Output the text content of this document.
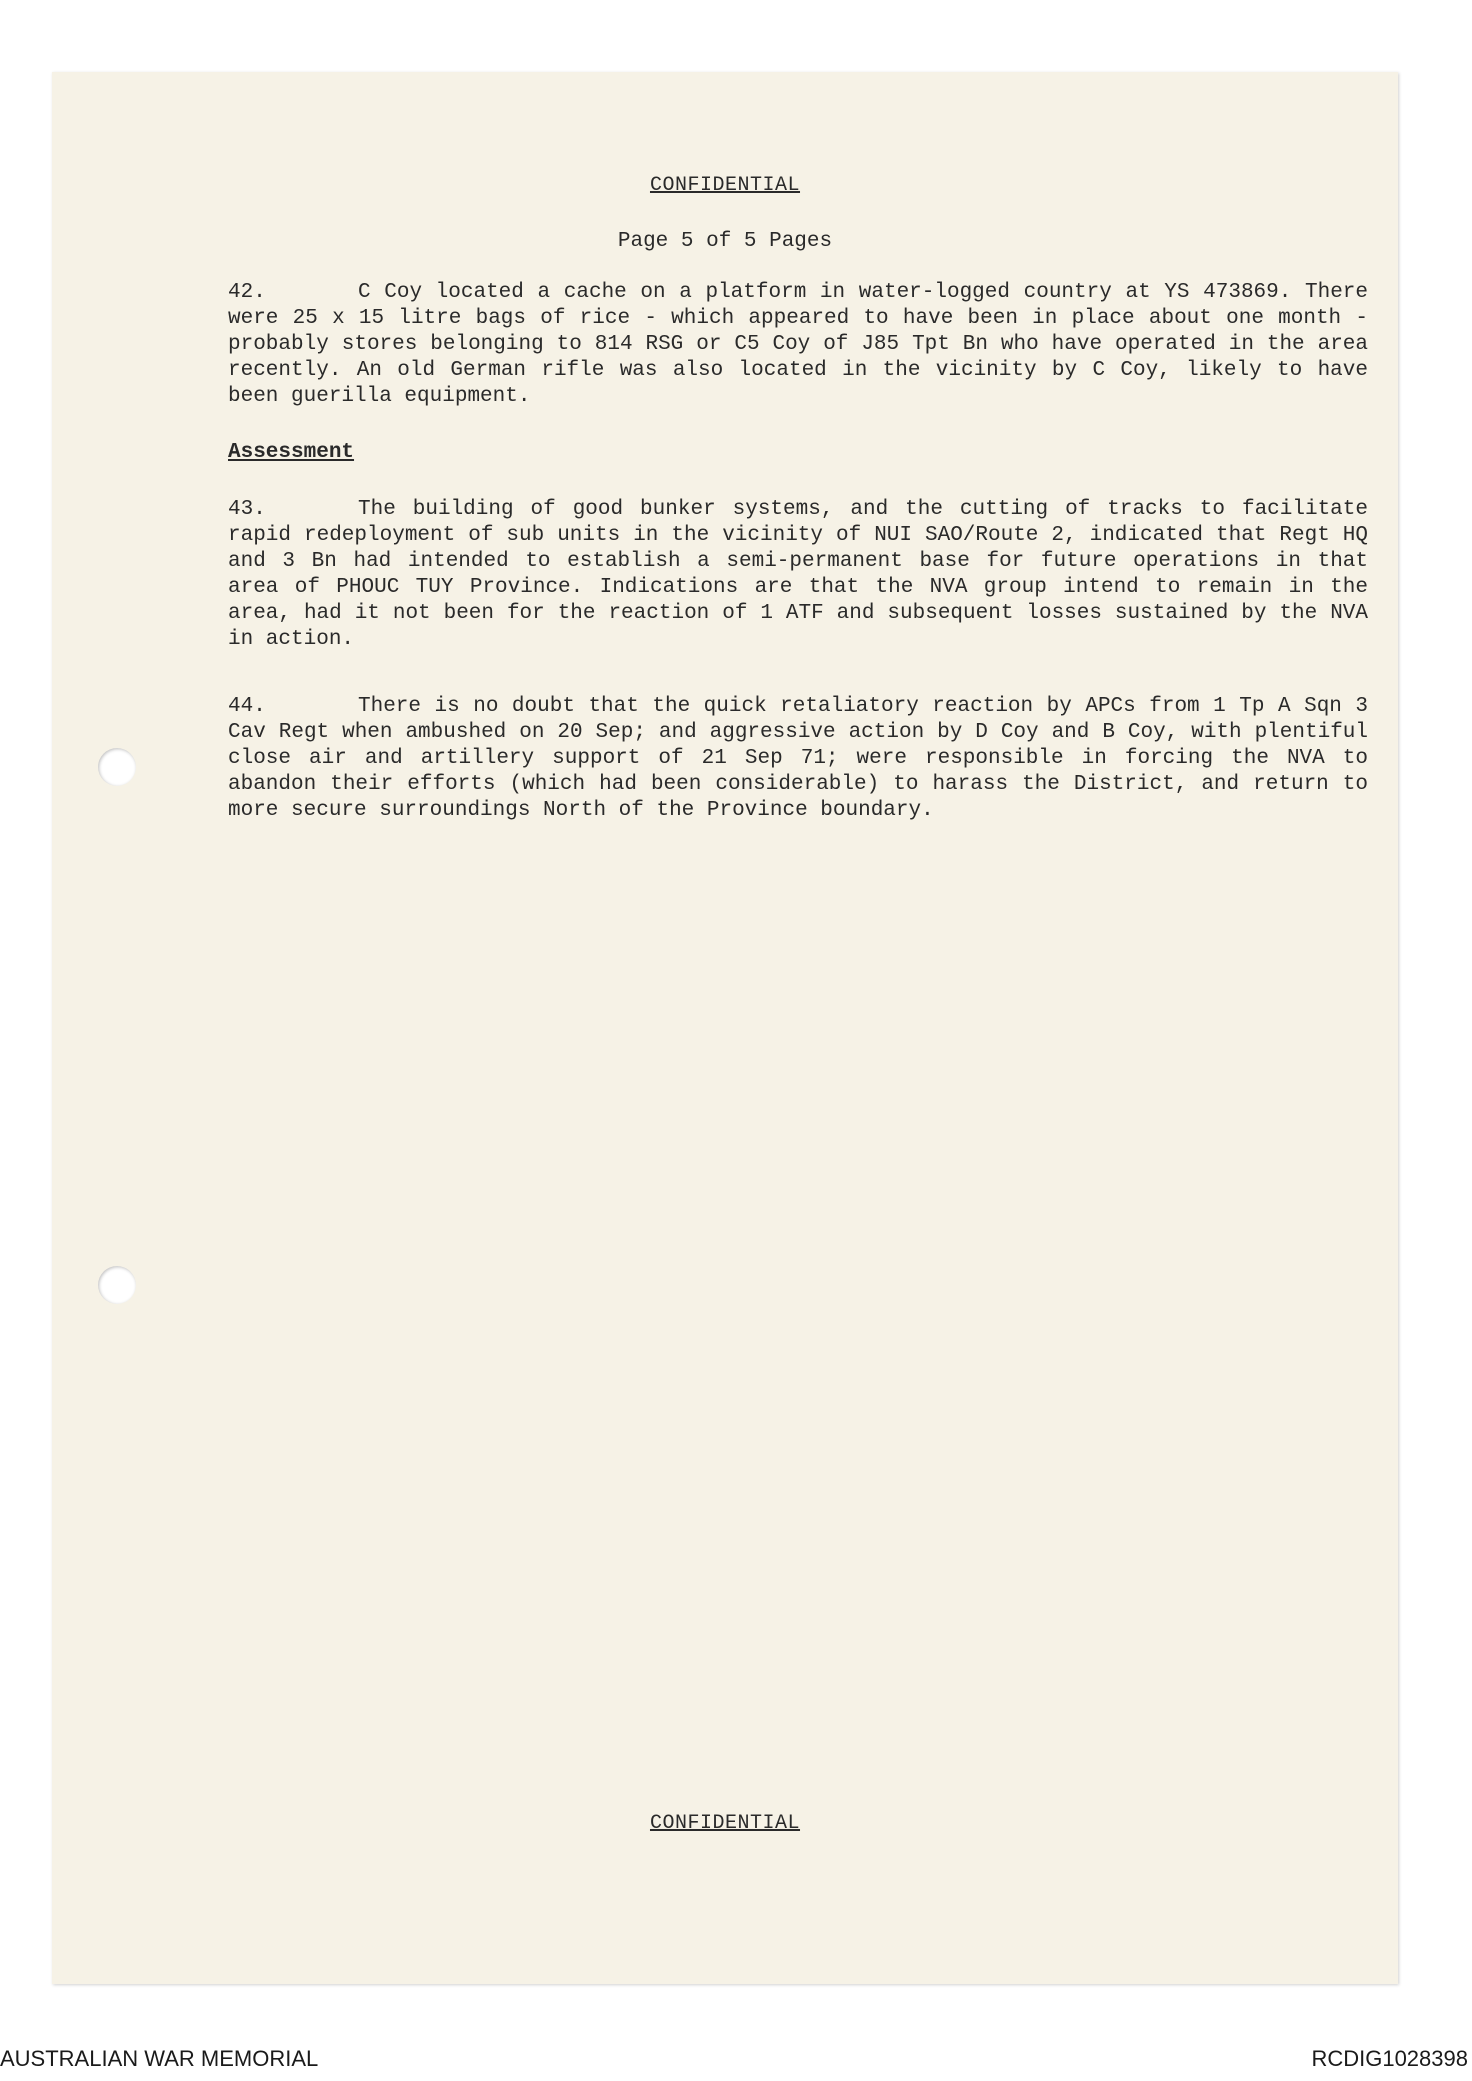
CONFIDENTIAL
Page 5 of 5 Pages

42.	C Coy located a cache on a platform in water-logged country at YS 473869. There were 25 x 15 litre bags of rice - which appeared to have been in place about one month - probably stores belonging to 814 RSG or C5 Coy of J85 Tpt Bn who have operated in the area recently. An old German rifle was also located in the vicinity by C Coy, likely to have been guerilla equipment.

Assessment

43.	The building of good bunker systems, and the cutting of tracks to facilitate rapid redeployment of sub units in the vicinity of NUI SAO/Route 2, indicated that Regt HQ and 3 Bn had intended to establish a semi-permanent base for future operations in that area of PHOUC TUY Province. Indications are that the NVA group intend to remain in the area, had it not been for the reaction of 1 ATF and subsequent losses sustained by the NVA in action.

44.	There is no doubt that the quick retaliatory reaction by APCs from 1 Tp A Sqn 3 Cav Regt when ambushed on 20 Sep; and aggressive action by D Coy and B Coy, with plentiful close air and artillery support of 21 Sep 71; were responsible in forcing the NVA to abandon their efforts (which had been considerable) to harass the District, and return to more secure surroundings North of the Province boundary.

CONFIDENTIAL
AUSTRALIAN WAR MEMORIAL	RCDIG1028398
